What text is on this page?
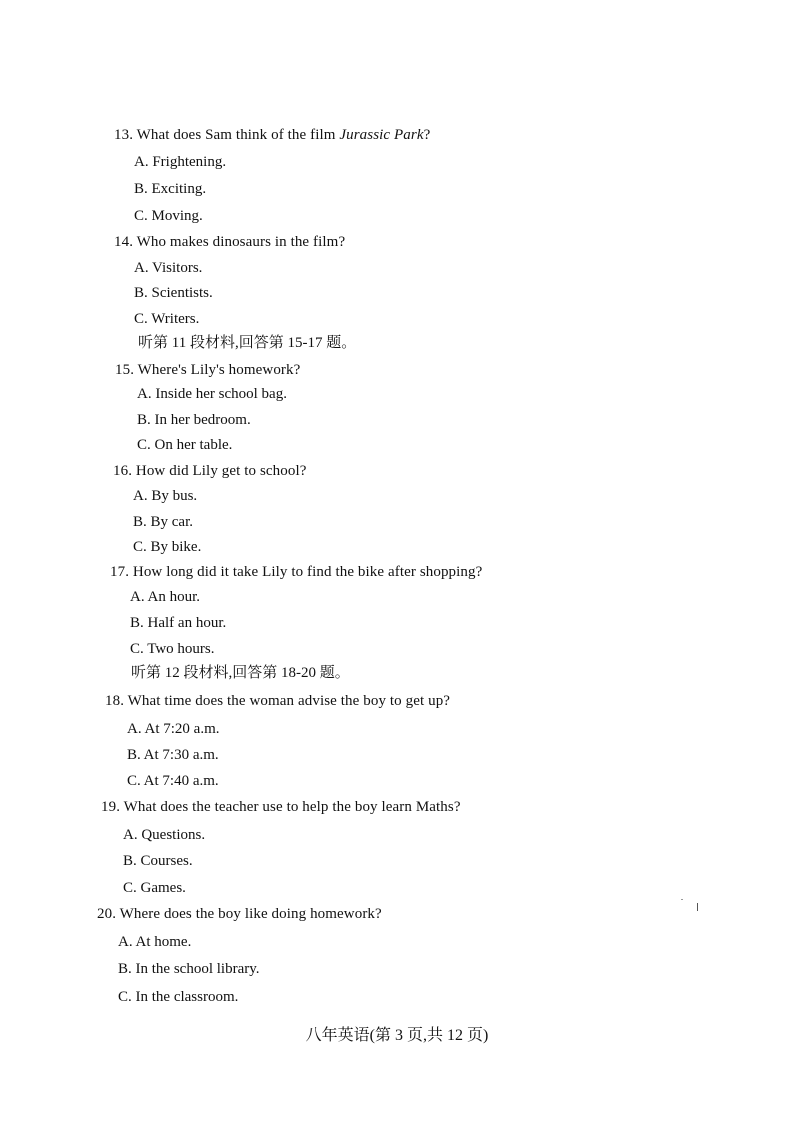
13. What does Sam think of the film Jurassic Park?
A. Frightening.
B. Exciting.
C. Moving.
14. Who makes dinosaurs in the film?
A. Visitors.
B. Scientists.
C. Writers.
听第 11 段材料,回答第 15-17 题。
15. Where's Lily's homework?
A. Inside her school bag.
B. In her bedroom.
C. On her table.
16. How did Lily get to school?
A. By bus.
B. By car.
C. By bike.
17. How long did it take Lily to find the bike after shopping?
A. An hour.
B. Half an hour.
C. Two hours.
听第 12 段材料,回答第 18-20 题。
18. What time does the woman advise the boy to get up?
A. At 7:20 a.m.
B. At 7:30 a.m.
C. At 7:40 a.m.
19. What does the teacher use to help the boy learn Maths?
A. Questions.
B. Courses.
C. Games.
20. Where does the boy like doing homework?
A. At home.
B. In the school library.
C. In the classroom.
八年英语(第 3 页,共 12 页)
